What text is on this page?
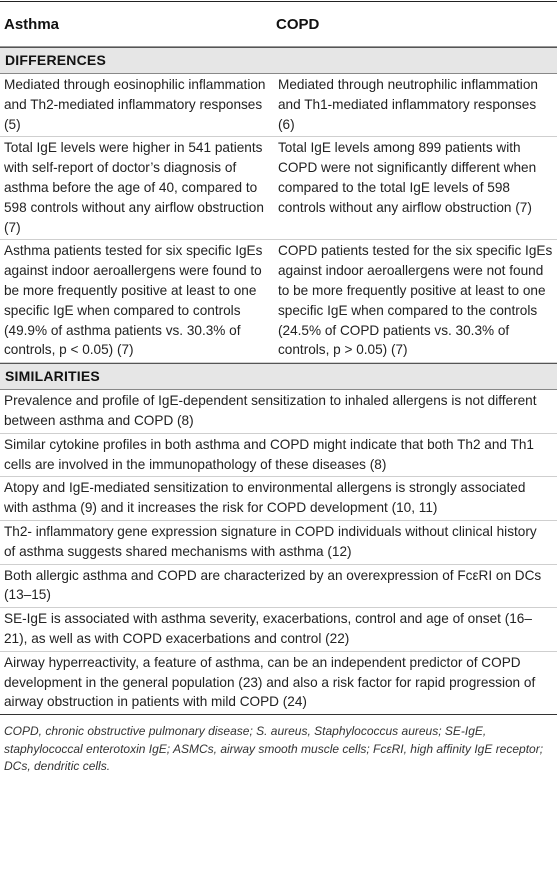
Asthma	COPD
DIFFERENCES
Mediated through eosinophilic inflammation and Th2-mediated inflammatory responses (5)
Mediated through neutrophilic inflammation and Th1-mediated inflammatory responses (6)
Total IgE levels were higher in 541 patients with self-report of doctor’s diagnosis of asthma before the age of 40, compared to 598 controls without any airflow obstruction (7)
Total IgE levels among 899 patients with COPD were not significantly different when compared to the total IgE levels of 598 controls without any airflow obstruction (7)
Asthma patients tested for six specific IgEs against indoor aeroallergens were found to be more frequently positive at least to one specific IgE when compared to controls (49.9% of asthma patients vs. 30.3% of controls, p < 0.05) (7)
COPD patients tested for the six specific IgEs against indoor aeroallergens were not found to be more frequently positive at least to one specific IgE when compared to the controls (24.5% of COPD patients vs. 30.3% of controls, p > 0.05) (7)
SIMILARITIES
Prevalence and profile of IgE-dependent sensitization to inhaled allergens is not different between asthma and COPD (8)
Similar cytokine profiles in both asthma and COPD might indicate that both Th2 and Th1 cells are involved in the immunopathology of these diseases (8)
Atopy and IgE-mediated sensitization to environmental allergens is strongly associated with asthma (9) and it increases the risk for COPD development (10, 11)
Th2- inflammatory gene expression signature in COPD individuals without clinical history of asthma suggests shared mechanisms with asthma (12)
Both allergic asthma and COPD are characterized by an overexpression of FcεRI on DCs (13–15)
SE-IgE is associated with asthma severity, exacerbations, control and age of onset (16–21), as well as with COPD exacerbations and control (22)
Airway hyperreactivity, a feature of asthma, can be an independent predictor of COPD development in the general population (23) and also a risk factor for rapid progression of airway obstruction in patients with mild COPD (24)
COPD, chronic obstructive pulmonary disease; S. aureus, Staphylococcus aureus; SE-IgE, staphylococcal enterotoxin IgE; ASMCs, airway smooth muscle cells; FcεRI, high affinity IgE receptor; DCs, dendritic cells.
